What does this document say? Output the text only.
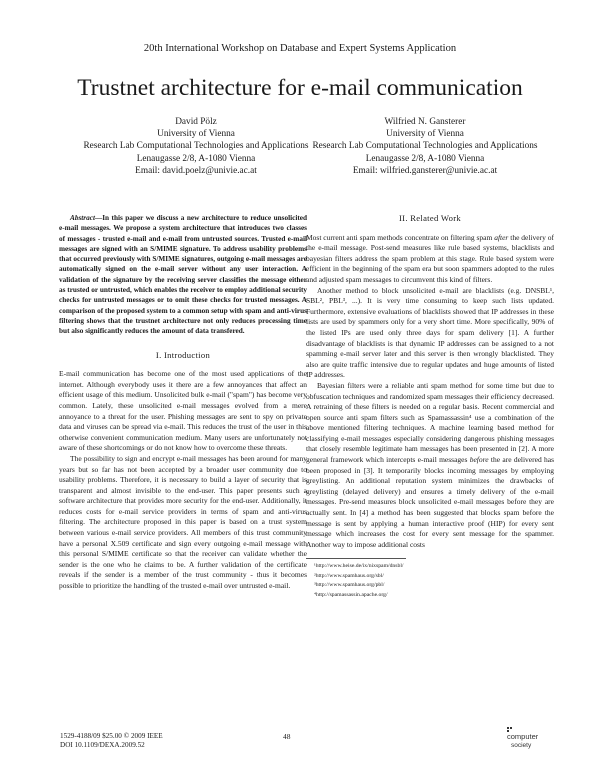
20th International Workshop on Database and Expert Systems Application
Trustnet architecture for e-mail communication
David Pölz
University of Vienna
Research Lab Computational Technologies and Applications
Lenaugasse 2/8, A-1080 Vienna
Email: david.poelz@univie.ac.at
Wilfried N. Gansterer
University of Vienna
Research Lab Computational Technologies and Applications
Lenaugasse 2/8, A-1080 Vienna
Email: wilfried.gansterer@univie.ac.at

Abstract—In this paper we discuss a new architecture to reduce unsolicited e-mail messages. We propose a system architecture that introduces two classes of messages - trusted e-mail and e-mail from untrusted sources. Trusted e-mail messages are signed with an S/MIME signature. To address usability problems that occurred previously with S/MIME signatures, outgoing e-mail messages are automatically signed on the e-mail server without any user interaction. A validation of the signature by the receiving server classifies the message either as trusted or untrusted, which enables the receiver to employ additional security checks for untrusted messages or to omit these checks for trusted messages. A comparison of the proposed system to a common setup with spam and anti-virus filtering shows that the trustnet architecture not only reduces processing time but also significantly reduces the amount of data transfered.

I. Introduction

E-mail communication has become one of the most used applications of the internet. Although everybody uses it there are a few annoyances that affect an efficient usage of this medium. Unsolicited bulk e-mail ("spam") has become very common. Lately, these unsolicited e-mail messages evolved from a mere annoyance to a threat for the user. Phishing messages are sent to spy on private data and viruses can be spread via e-mail. This reduces the trust of the user in this otherwise convenient communication medium. Many users are unfortunately not aware of these shortcomings or do not know how to overcome these threats.

The possibility to sign and encrypt e-mail messages has been around for many years but so far has not been accepted by a broader user community due to usability problems. Therefore, it is necessary to build a layer of security that is transparent and almost invisible to the end-user. This paper presents such a software architecture that provides more security for the end-user. Additionally, it reduces costs for e-mail service providers in terms of spam and anti-virus filtering. The architecture proposed in this paper is based on a trust system between various e-mail service providers. All members of this trust community have a personal X.509 certificate and sign every outgoing e-mail message with this personal S/MIME certificate so that the receiver can validate whether the sender is the one who he claims to be. A further validation of the certificate reveals if the sender is a member of the trust community - thus it becomes possible to prioritize the handling of the trusted e-mail over untrusted e-mail.

II. Related Work

Most current anti spam methods concentrate on filtering spam after the delivery of the e-mail message. Post-send measures like rule based systems, blacklists and bayesian filters address the spam problem at this stage. Rule based system were efficient in the beginning of the spam era but soon spammers adopted to the rules and adjusted spam messages to circumvent this kind of filters.

Another method to block unsolicited e-mail are blacklists (e.g. DNSBL¹, SBL², PBL³, ...). It is very time consuming to keep such lists updated. Furthermore, extensive evaluations of blacklists showed that IP addresses in these lists are used by spammers only for a very short time. More specifically, 90% of the listed IPs are used only three days for spam delivery [1]. A further disadvantage of blacklists is that dynamic IP addresses can be assigned to a not spamming e-mail server later and this server is then wrongly blacklisted. They also are quite traffic intensive due to regular updates and huge amounts of listed IP addresses.

Bayesian filters were a reliable anti spam method for some time but due to obfuscation techniques and randomized spam messages their efficiency decreased. A retraining of these filters is needed on a regular basis. Recent commercial and open source anti spam filters such as Spamassassin⁴ use a combination of the above mentioned filtering techniques. A machine learning based method for classifying e-mail messages especially considering dangerous phishing messages that closely resemble legitimate ham messages has been presented in [2]. A more general framework which intercepts e-mail messages before the are delivered has been proposed in [3]. It temporarily blocks incoming messages by employing greylisting. An additional reputation system minimizes the drawbacks of greylisting (delayed delivery) and ensures a timely delivery of the e-mail messages. Pre-send measures block unsolicited e-mail messages before they are actually sent. In [4] a method has been suggested that blocks spam before the message is sent by applying a human interactive proof (HIP) for every sent message which increases the cost for every sent message for the spammer. Another way to impose additional costs

¹http://www.heise.de/ix/nixspam/dnsbl/
²http://www.spamhaus.org/sbl/
³http://www.spamhaus.org/pbl/
⁴http://spamassassin.apache.org/
1529-4188/09 $25.00 © 2009 IEEE
DOI 10.1109/DEXA.2009.52
48	computer
society
